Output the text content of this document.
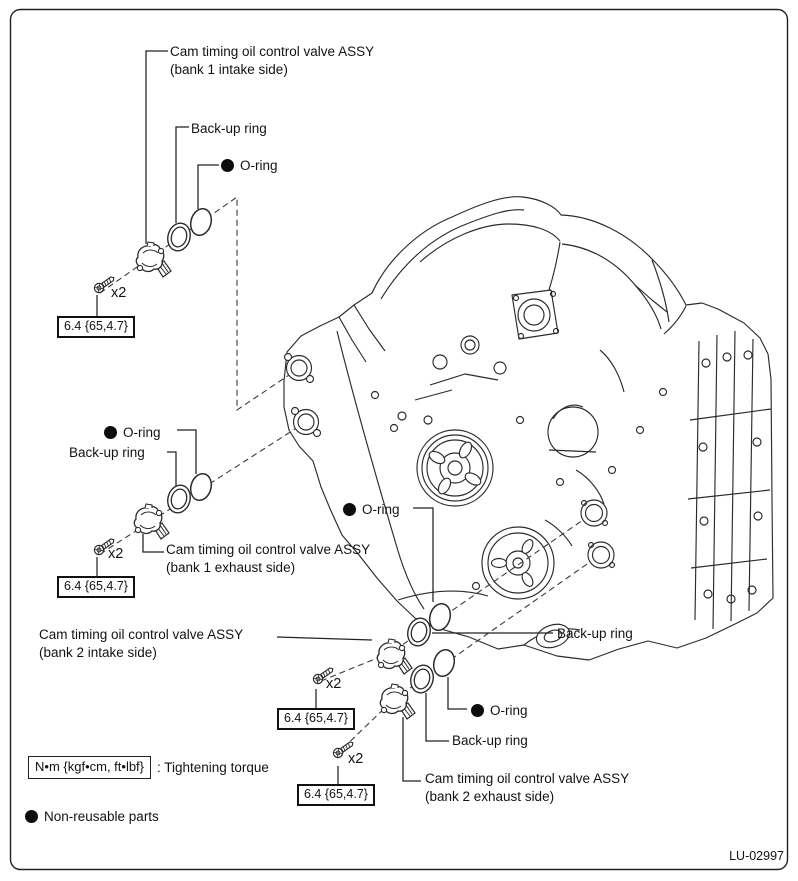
Cam timing oil control valve ASSY
(bank 1 intake side)
Back-up ring
O-ring
x2
6.4 {65,4.7}
O-ring
Back-up ring
Cam timing oil control valve ASSY
(bank 1 exhaust side)
x2
6.4 {65,4.7}
Cam timing oil control valve ASSY
(bank 2 intake side)
O-ring
Back-up ring
x2
6.4 {65,4.7}	O-ring
Back-up ring
Cam timing oil control valve ASSY
(bank 2 exhaust side)
x2
6.4 {65,4.7}
N•m {kgf•cm, ft•lbf} : Tightening torque
Non-reusable parts
LU-02997
